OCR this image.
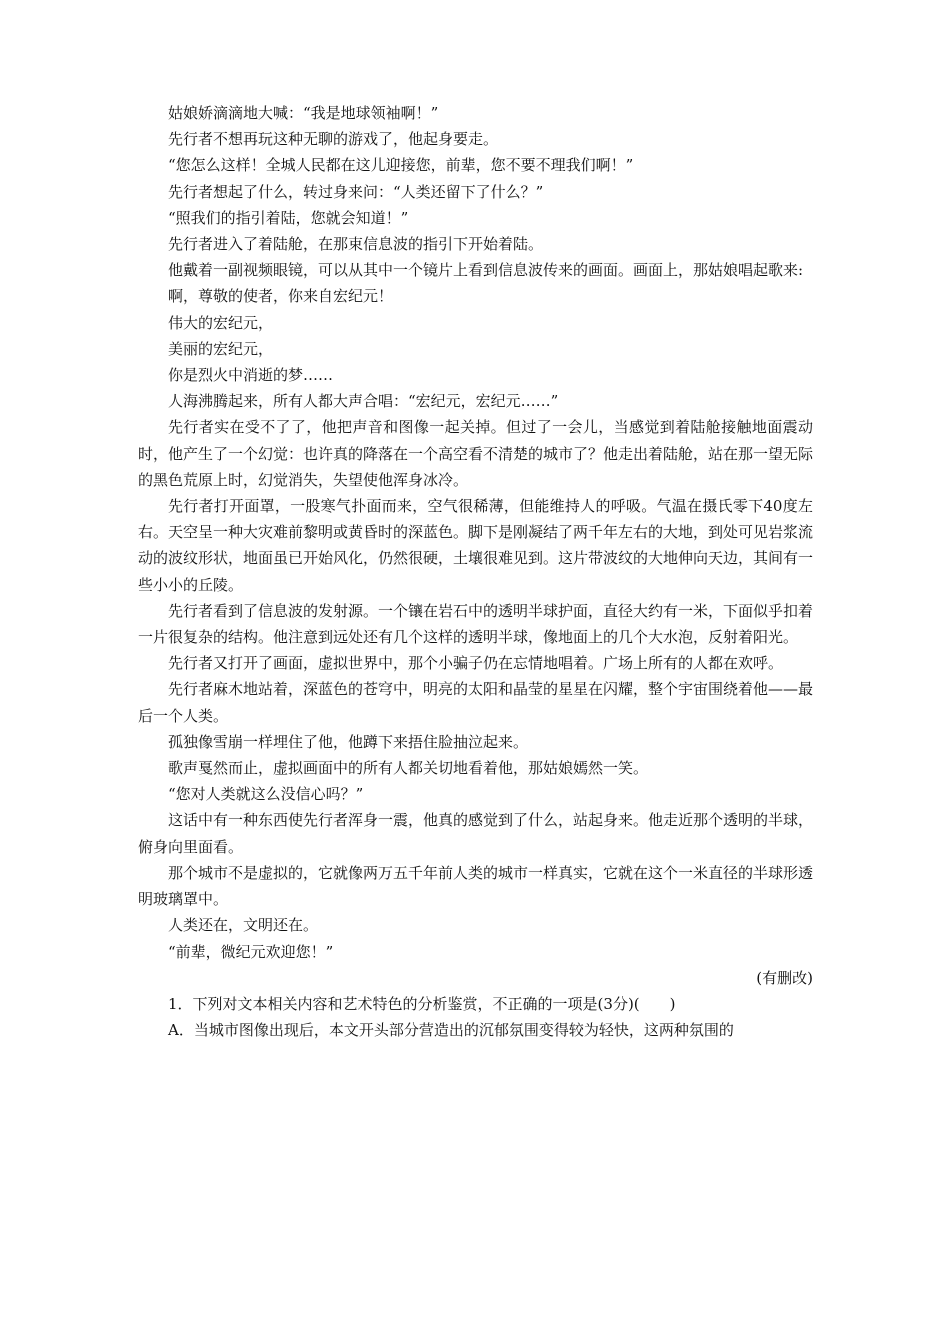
姑娘娇滴滴地大喊：“我是地球领袖啊！”

先行者不想再玩这种无聊的游戏了，他起身要走。

“您怎么这样！全城人民都在这儿迎接您，前辈，您不要不理我们啊！”

先行者想起了什么，转过身来问：“人类还留下了什么？”

“照我们的指引着陆，您就会知道！”

先行者进入了着陆舱，在那束信息波的指引下开始着陆。

他戴着一副视频眼镜，可以从其中一个镜片上看到信息波传来的画面。画面上，那姑娘唱起歌来:

啊，尊敬的使者，你来自宏纪元！

伟大的宏纪元，

美丽的宏纪元，

你是烈火中消逝的梦……

人海沸腾起来，所有人都大声合唱：“宏纪元，宏纪元……”

先行者实在受不了了，他把声音和图像一起关掉。但过了一会儿，当感觉到着陆舱接触地面震动时，他产生了一个幻觉：也许真的降落在一个高空看不清楚的城市了？他走出着陆舱，站在那一望无际的黑色荒原上时，幻觉消失，失望使他浑身冰冷。

先行者打开面罩，一股寒气扑面而来，空气很稀薄，但能维持人的呼吸。气温在摄氏零下40度左右。天空呈一种大灾难前黎明或黄昏时的深蓝色。脚下是刚凝结了两千年左右的大地，到处可见岩浆流动的波纹形状，地面虽已开始风化，仍然很硬，土壤很难见到。这片带波纹的大地伸向天边，其间有一些小小的丘陵。

先行者看到了信息波的发射源。一个镶在岩石中的透明半球护面，直径大约有一米，下面似乎扣着一片很复杂的结构。他注意到远处还有几个这样的透明半球，像地面上的几个大水泡，反射着阳光。

先行者又打开了画面，虚拟世界中，那个小骗子仍在忘情地唱着。广场上所有的人都在欢呼。

先行者麻木地站着，深蓝色的苍穹中，明亮的太阳和晶莹的星星在闪耀，整个宇宙围绕着他——最后一个人类。

孤独像雪崩一样埋住了他，他蹲下来捂住脸抽泣起来。

歌声戛然而止，虚拟画面中的所有人都关切地看着他，那姑娘嫣然一笑。

“您对人类就这么没信心吗？”

这话中有一种东西使先行者浑身一震，他真的感觉到了什么，站起身来。他走近那个透明的半球，俯身向里面看。

那个城市不是虚拟的，它就像两万五千年前人类的城市一样真实，它就在这个一米直径的半球形透明玻璃罩中。

人类还在，文明还在。

“前辈，微纪元欢迎您！”

(有删改)

1．下列对文本相关内容和艺术特色的分析鉴赏，不正确的一项是(3分)(　　)

A．当城市图像出现后，本文开头部分营造出的沉郁氛围变得较为轻快，这两种氛围的
